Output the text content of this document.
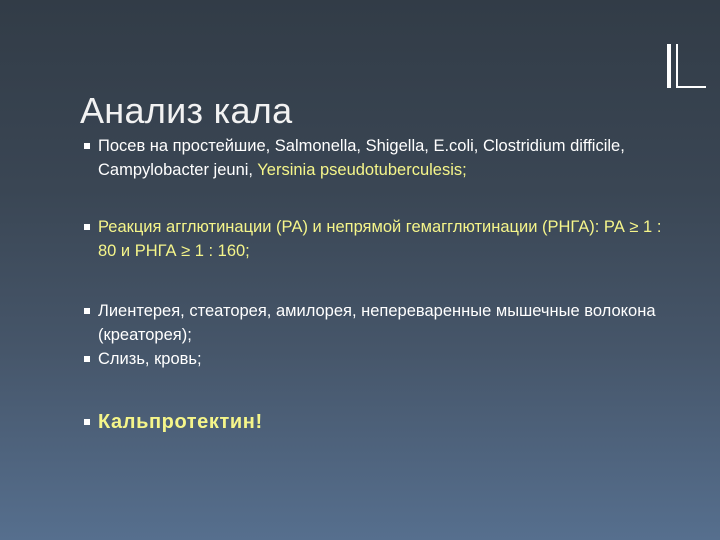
Анализ кала
Посев на простейшие, Salmonella, Shigella, E.coli, Clostridium difficile, Campylobacter jeuni, Yersinia pseudotuberculesis;
Реакция агглютинации (РА) и непрямой гемагглютинации (РНГА): РА ≥ 1 : 80 и РНГА ≥ 1 : 160;
Лиентерея, стеаторея, амилорея, непереваренные мышечные волокона (креаторея);
Слизь, кровь;
Кальпротектин!
